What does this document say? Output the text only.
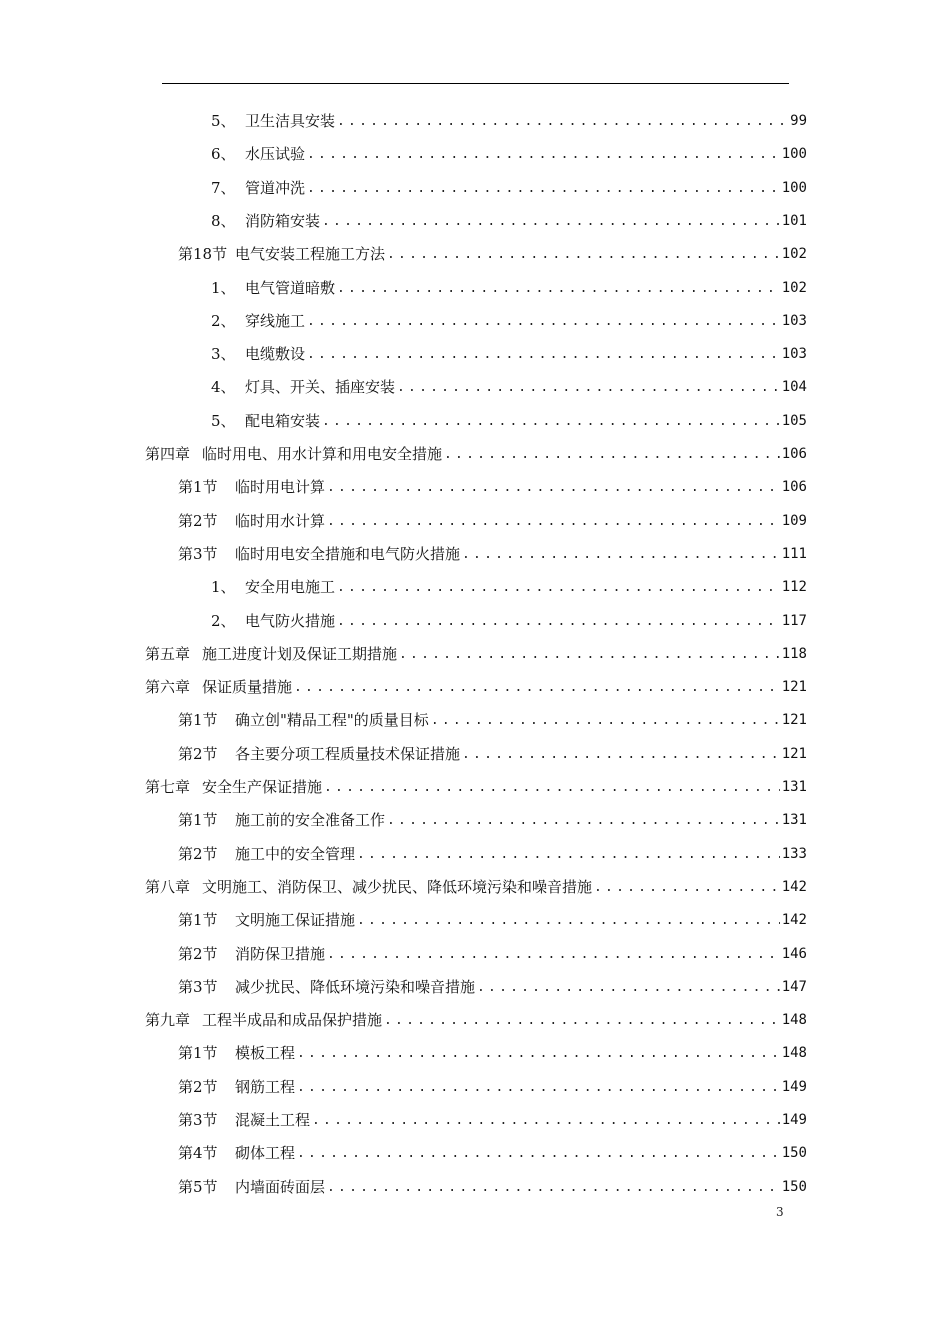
5、 卫生洁具安装 .....	99
6、 水压试验 .....	100
7、 管道冲洗 .....	100
8、 消防箱安装 .....	101
第18节 电气安装工程施工方法 .....	102
1、 电气管道暗敷 .....	102
2、 穿线施工 .....	103
3、 电缆敷设 .....	103
4、 灯具、开关、插座安装 .....	104
5、 配电箱安装 .....	105
第四章 临时用电、用水计算和用电安全措施 .....	106
第1节	临时用电计算 .....	106
第2节	临时用水计算 .....	109
第3节	临时用电安全措施和电气防火措施 .....	111
1、 安全用电施工 .....	112
2、 电气防火措施 .....	117
第五章 施工进度计划及保证工期措施 .....	118
第六章 保证质量措施 .....	121
第1节	确立创"精品工程"的质量目标 .....	121
第2节	各主要分项工程质量技术保证措施 .....	121
第七章 安全生产保证措施 .....	131
第1节	施工前的安全准备工作 .....	131
第2节	施工中的安全管理 .....	133
第八章 文明施工、消防保卫、减少扰民、降低环境污染和噪音措施 .....	142
第1节	文明施工保证措施 .....	142
第2节	消防保卫措施 .....	146
第3节	减少扰民、降低环境污染和噪音措施 .....	147
第九章 工程半成品和成品保护措施 .....	148
第1节	模板工程 .....	148
第2节	钢筋工程 .....	149
第3节	混凝土工程 .....	149
第4节	砌体工程 .....	150
第5节	内墙面砖面层 .....	150
3
